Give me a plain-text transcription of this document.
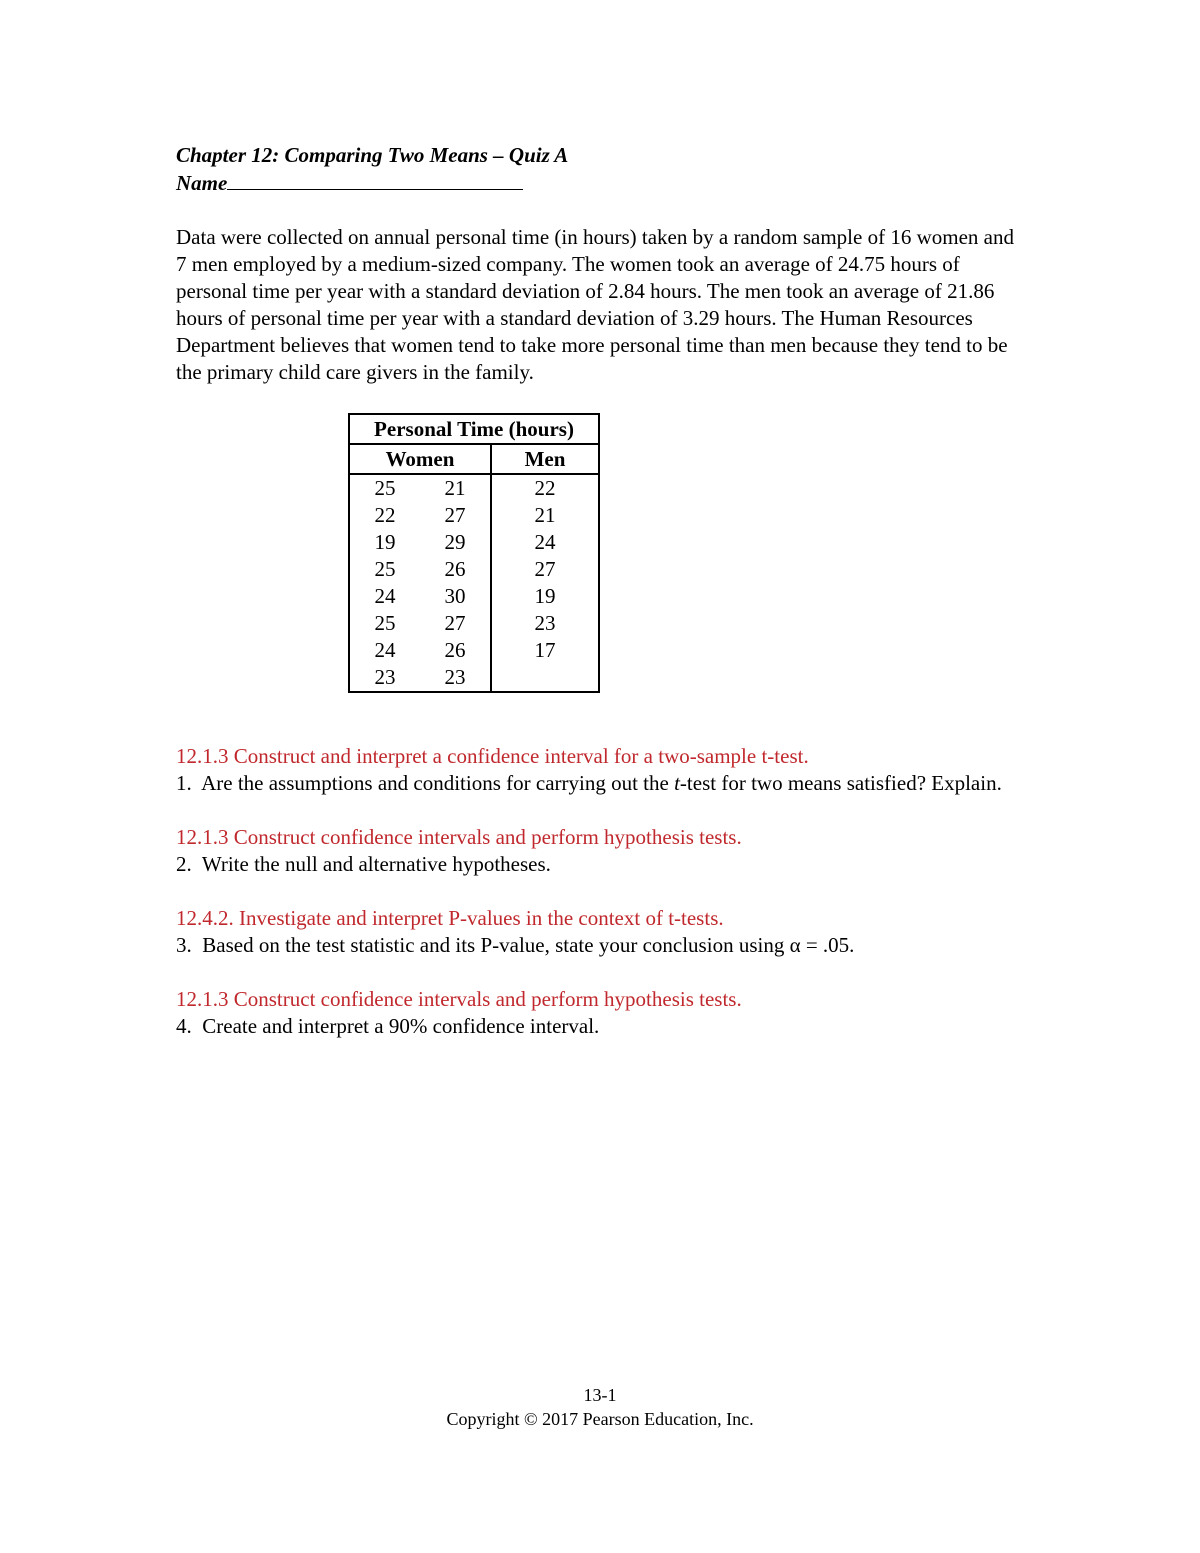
Chapter 12: Comparing Two Means – Quiz A

Name

Data were collected on annual personal time (in hours) taken by a random sample of 16 women and 7 men employed by a medium-sized company. The women took an average of 24.75 hours of personal time per year with a standard deviation of 2.84 hours. The men took an average of 21.86 hours of personal time per year with a standard deviation of 3.29 hours. The Human Resources Department believes that women tend to take more personal time than men because they tend to be the primary child care givers in the family.

Personal Time (hours)		
Women		Men
25	21	22
22	27	21
19	29	24
25	26	27
24	30	19
25	27	23
24	26	17
23	23	

12.1.3 Construct and interpret a confidence interval for a two-sample t-test.

1. Are the assumptions and conditions for carrying out the t-test for two means satisfied? Explain.

12.1.3 Construct confidence intervals and perform hypothesis tests.

2. Write the null and alternative hypotheses.

12.4.2. Investigate and interpret P-values in the context of t-tests.

3. Based on the test statistic and its P-value, state your conclusion using α = .05.

12.1.3 Construct confidence intervals and perform hypothesis tests.

4. Create and interpret a 90% confidence interval.

13-1
Copyright © 2017 Pearson Education, Inc.
